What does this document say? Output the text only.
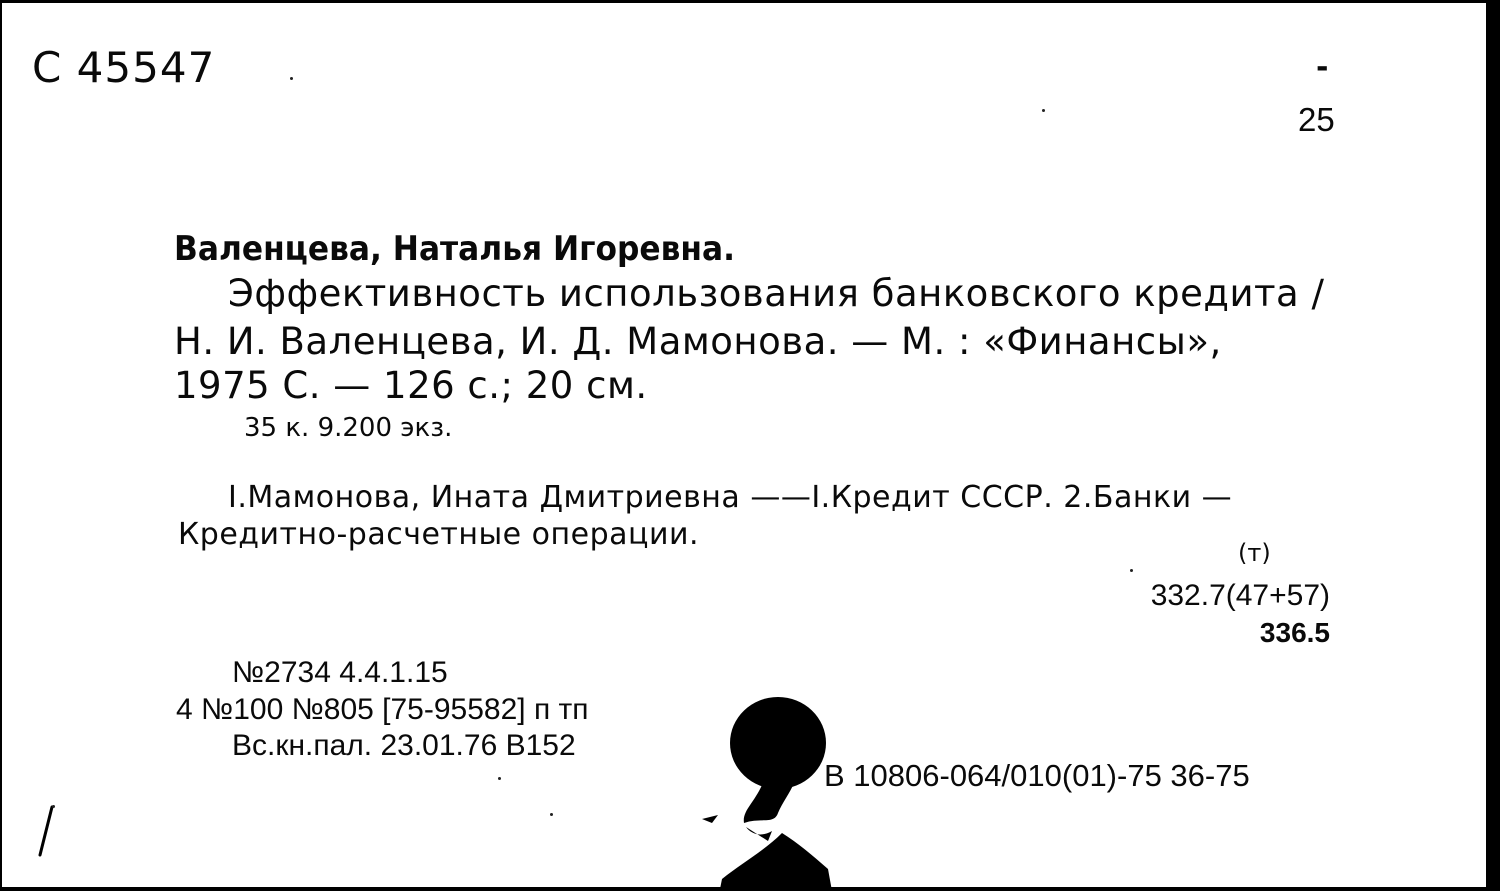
С 45547	-
25
Валенцева, Наталья Игоревна.
Эффективность использования банковского кредита /
Н. И. Валенцева, И. Д. Мамонова. — М. : «Финансы»,
1975 С. — 126 с.; 20 см.
35 к. 9.200 экз.
I.Мамонова, Ината Дмитриевна ——I.Кредит СССР. 2.Банки —
Кредитно-расчетные операции.
(т)
332.7(47+57)
336.5
№2734 4.4.1.15
4 №100 №805 [75-95582] п тп
Вс.кн.пал. 23.01.76 В152
В 10806-064/010(01)-75 36-75
